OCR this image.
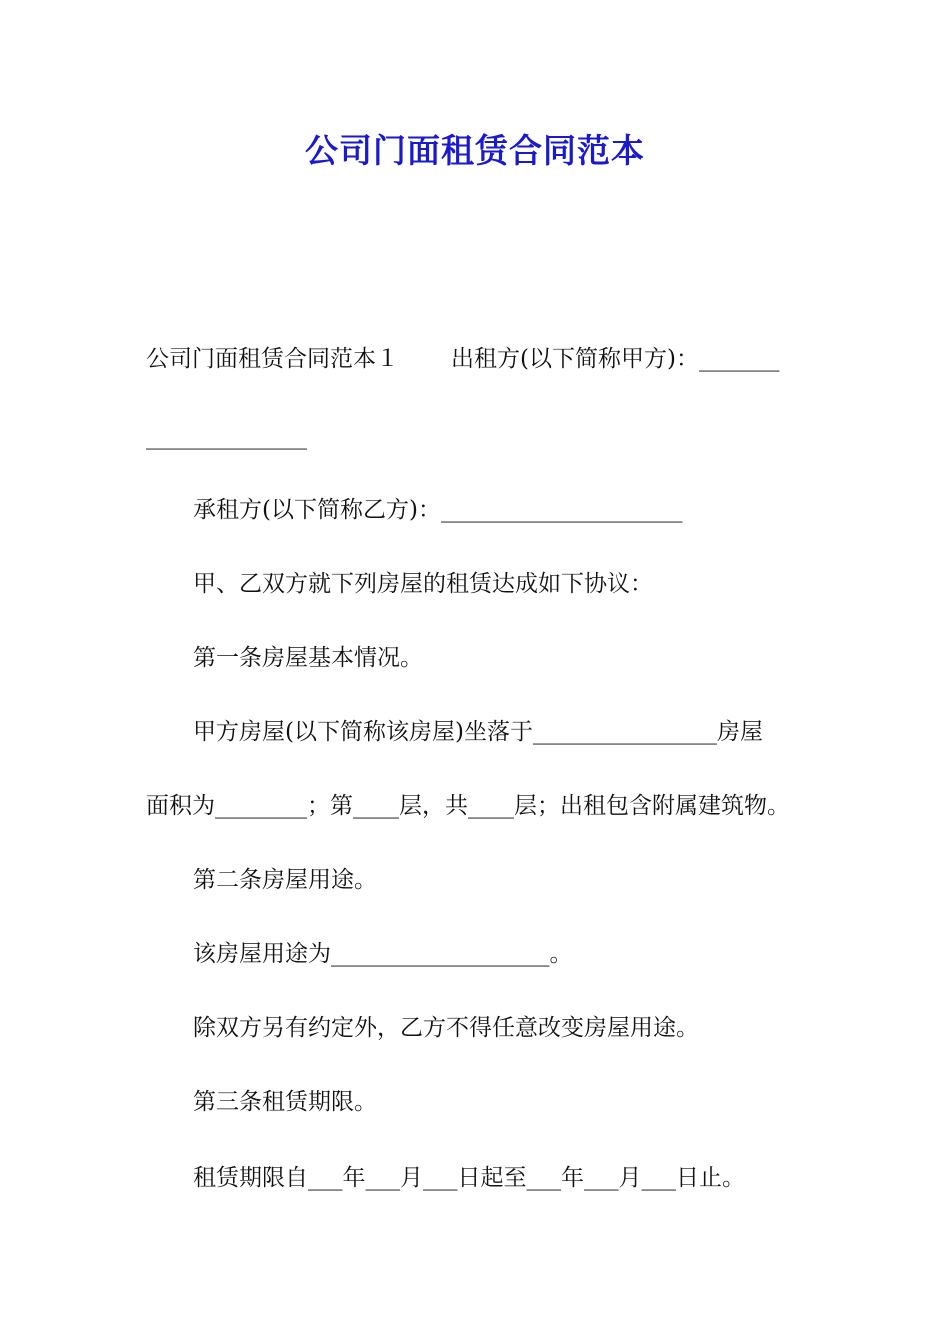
公司门面租赁合同范本
公司门面租赁合同范本１ 出租方(以下简称甲方)：_______
______________
承租方(以下简称乙方)：_____________________
甲、乙双方就下列房屋的租赁达成如下协议：
第一条房屋基本情况。
甲方房屋(以下简称该房屋)坐落于________________房屋
面积为________；第____层，共____层；出租包含附属建筑物。
第二条房屋用途。
该房屋用途为___________________。
除双方另有约定外，乙方不得任意改变房屋用途。
第三条租赁期限。
租赁期限自___年___月___日起至___年___月___日止。
